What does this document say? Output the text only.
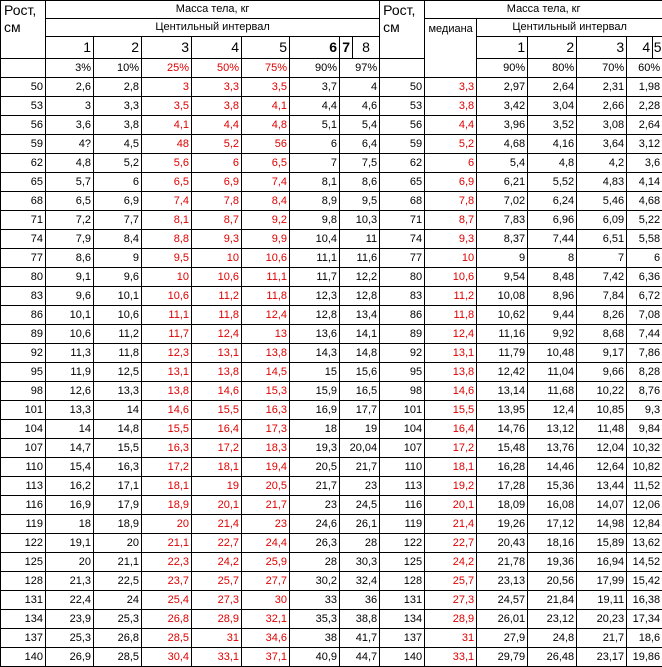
Рост,
см	Масса тела, кг														Рост,
см	Масса тела, кг								
	Центильный интервал															медиана	Центильный интервал							
		1		2		3		4		5		6	7	8				1		2		3	4	5
	3%		10%		25%		50%		75%		90%		97%				90%		80%		70%		60%	
50	2,6		2,8		3		3,3		3,5		3,7		4		50	3,3	2,97		2,64		2,31		1,98	
53	3		3,3		3,5		3,8		4,1		4,4		4,6		53	3,8	3,42		3,04		2,66		2,28	
56	3,6		3,8		4,1		4,4		4,8		5,1		5,4		56	4,4	3,96		3,52		3,08		2,64	
59	4?		4,5		48		5,2		56		6		6,4		59	5,2	4,68		4,16		3,64		3,12	
62	4,8		5,2		5,6		6		6,5		7		7,5		62	6	5,4		4,8		4,2		3,6	
65	5,7		6		6,5		6,9		7,4		8,1		8,6		65	6,9	6,21		5,52		4,83		4,14	
68	6,5		6,9		7,4		7,8		8,4		8,9		9,5		68	7,8	7,02		6,24		5,46		4,68	
71	7,2		7,7		8,1		8,7		9,2		9,8		10,3		71	8,7	7,83		6,96		6,09		5,22	
74	7,9		8,4		8,8		9,3		9,9		10,4		11		74	9,3	8,37		7,44		6,51		5,58	
77	8,6		9		9,5		10		10,6		11,1		11,6		77	10	9		8		7		6	
80	9,1		9,6		10		10,6		11,1		11,7		12,2		80	10,6	9,54		8,48		7,42		6,36	
83	9,6		10,1		10,6		11,2		11,8		12,3		12,8		83	11,2	10,08		8,96		7,84		6,72	
86	10,1		10,6		11,1		11,8		12,4		12,8		13,4		86	11,8	10,62		9,44		8,26		7,08	
89	10,6		11,2		11,7		12,4		13		13,6		14,1		89	12,4	11,16		9,92		8,68		7,44	
92	11,3		11,8		12,3		13,1		13,8		14,3		14,8		92	13,1	11,79		10,48		9,17		7,86	
95	11,9		12,5		13,1		13,8		14,5		15		15,6		95	13,8	12,42		11,04		9,66		8,28	
98	12,6		13,3		13,8		14,6		15,3		15,9		16,5		98	14,6	13,14		11,68		10,22		8,76	
101	13,3		14		14,6		15,5		16,3		16,9		17,7		101	15,5	13,95		12,4		10,85		9,3	
104	14		14,8		15,5		16,4		17,3		18		19		104	16,4	14,76		13,12		11,48		9,84	
107	14,7		15,5		16,3		17,2		18,3		19,3		20,04		107	17,2	15,48		13,76		12,04		10,32	
110	15,4		16,3		17,2		18,1		19,4		20,5		21,7		110	18,1	16,28		14,46		12,64		10,82	
113	16,2		17,1		18,1		19		20,5		21,7		23		113	19,2	17,28		15,36		13,44		11,52	
116	16,9		17,9		18,9		20,1		21,7		23		24,5		116	20,1	18,09		16,08		14,07		12,06	
119	18		18,9		20		21,4		23		24,6		26,1		119	21,4	19,26		17,12		14,98		12,84	
122	19,1		20		21,1		22,7		24,4		26,3		28		122	22,7	20,43		18,16		15,89		13,62	
125	20		21,1		22,3		24,2		25,9		28		30,3		125	24,2	21,78		19,36		16,94		14,52	
128	21,3		22,5		23,7		25,7		27,7		30,2		32,4		128	25,7	23,13		20,56		17,99		15,42	
131	22,4		24		25,4		27,3		30		33		36		131	27,3	24,57		21,84		19,11		16,38	
134	23,9		25,3		26,8		28,9		32,1		35,3		38,8		134	28,9	26,01		23,12		20,23		17,34	
137	25,3		26,8		28,5		31		34,6		38		41,7		137	31	27,9		24,8		21,7		18,6	
140	26,9		28,5		30,4		33,1		37,1		40,9		44,7		140	33,1	29,79		26,48		23,17		19,86	
